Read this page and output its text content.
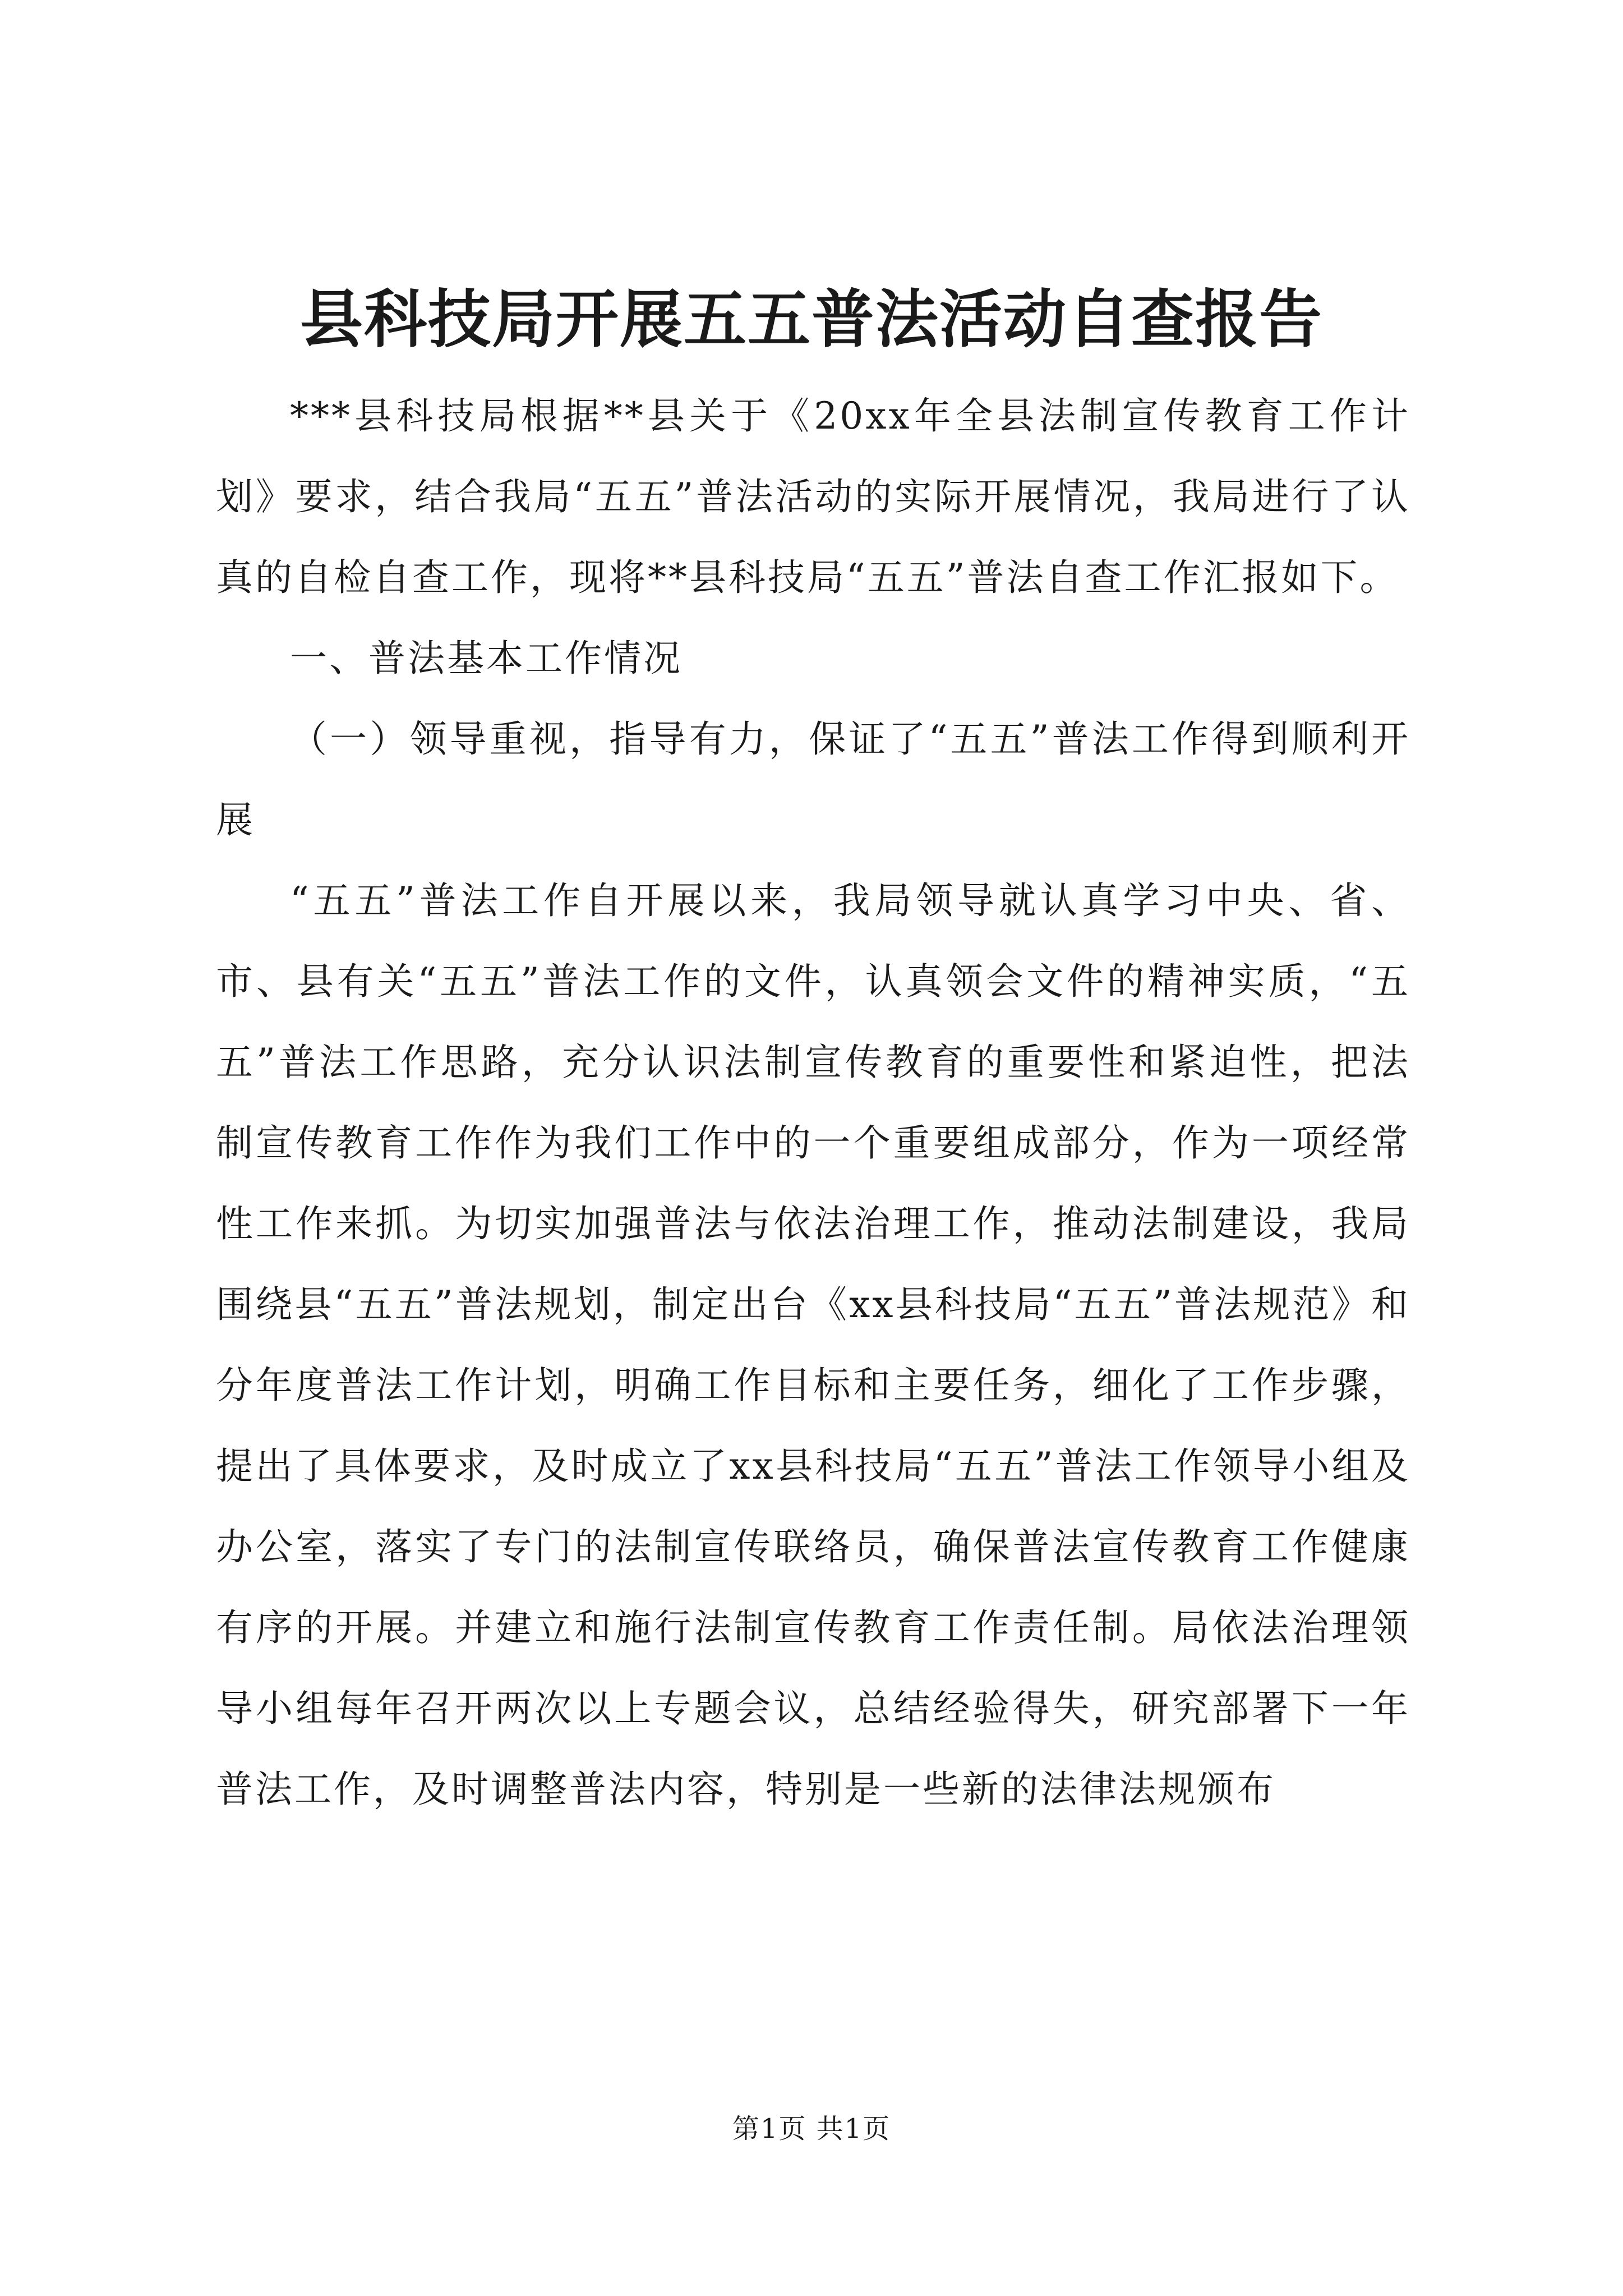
县科技局开展五五普法活动自查报告

***县科技局根据**县关于《20xx年全县法制宣传教育工作计划》要求，结合我局“五五”普法活动的实际开展情况，我局进行了认真的自检自查工作，现将**县科技局“五五”普法自查工作汇报如下。

一、普法基本工作情况

（一）领导重视，指导有力，保证了“五五”普法工作得到顺利开展

“五五”普法工作自开展以来，我局领导就认真学习中央、省、市、县有关“五五”普法工作的文件，认真领会文件的精神实质，“五五”普法工作思路，充分认识法制宣传教育的重要性和紧迫性，把法制宣传教育工作作为我们工作中的一个重要组成部分，作为一项经常性工作来抓。为切实加强普法与依法治理工作，推动法制建设，我局围绕县“五五”普法规划，制定出台《xx县科技局“五五”普法规范》和分年度普法工作计划，明确工作目标和主要任务，细化了工作步骤，提出了具体要求，及时成立了xx县科技局“五五”普法工作领导小组及办公室，落实了专门的法制宣传联络员，确保普法宣传教育工作健康有序的开展。并建立和施行法制宣传教育工作责任制。局依法治理领导小组每年召开两次以上专题会议，总结经验得失，研究部署下一年普法工作，及时调整普法内容，特别是一些新的法律法规颁布

第1页 共1页
